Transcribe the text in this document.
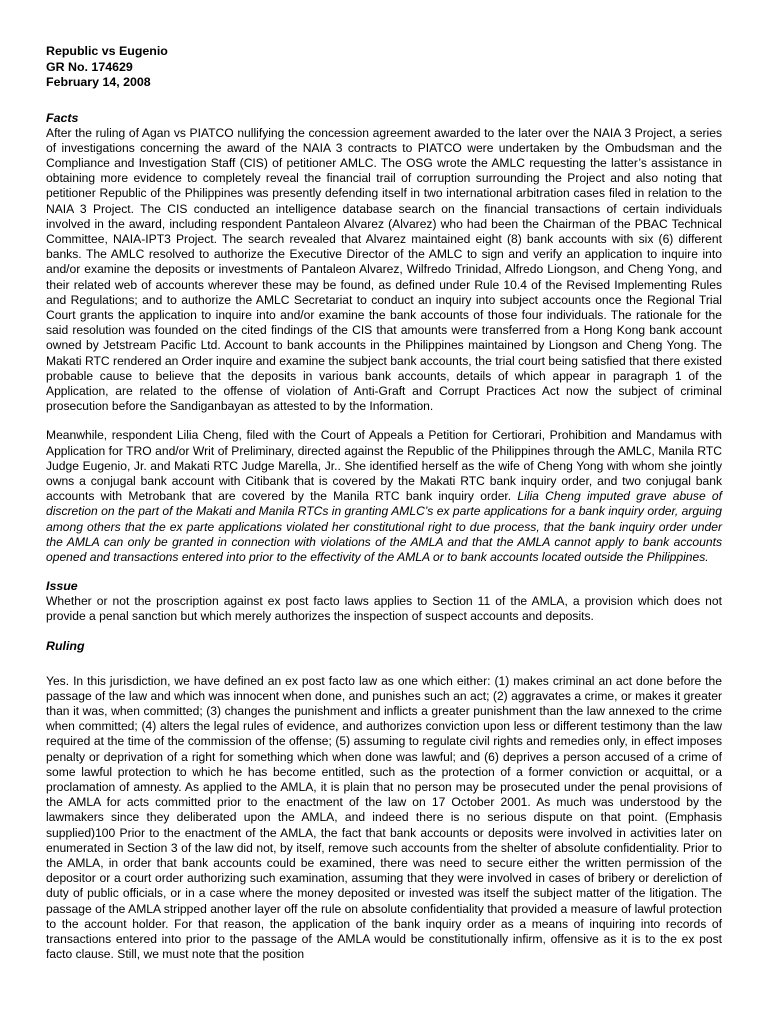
Republic vs Eugenio
GR No. 174629
February 14, 2008
Facts

After the ruling of Agan vs PIATCO nullifying the concession agreement awarded to the later over the NAIA 3 Project, a series of investigations concerning the award of the NAIA 3 contracts to PIATCO were undertaken by the Ombudsman and the Compliance and Investigation Staff (CIS) of petitioner AMLC. The OSG wrote the AMLC requesting the latter’s assistance in obtaining more evidence to completely reveal the financial trail of corruption surrounding the Project and also noting that petitioner Republic of the Philippines was presently defending itself in two international arbitration cases filed in relation to the NAIA 3 Project. The CIS conducted an intelligence database search on the financial transactions of certain individuals involved in the award, including respondent Pantaleon Alvarez (Alvarez) who had been the Chairman of the PBAC Technical Committee, NAIA-IPT3 Project. The search revealed that Alvarez maintained eight (8) bank accounts with six (6) different banks. The AMLC resolved to authorize the Executive Director of the AMLC to sign and verify an application to inquire into and/or examine the deposits or investments of Pantaleon Alvarez, Wilfredo Trinidad, Alfredo Liongson, and Cheng Yong, and their related web of accounts wherever these may be found, as defined under Rule 10.4 of the Revised Implementing Rules and Regulations; and to authorize the AMLC Secretariat to conduct an inquiry into subject accounts once the Regional Trial Court grants the application to inquire into and/or examine the bank accounts of those four individuals. The rationale for the said resolution was founded on the cited findings of the CIS that amounts were transferred from a Hong Kong bank account owned by Jetstream Pacific Ltd. Account to bank accounts in the Philippines maintained by Liongson and Cheng Yong. The Makati RTC rendered an Order inquire and examine the subject bank accounts, the trial court being satisfied that there existed probable cause to believe that the deposits in various bank accounts, details of which appear in paragraph 1 of the Application, are related to the offense of violation of Anti-Graft and Corrupt Practices Act now the subject of criminal prosecution before the Sandiganbayan as attested to by the Information.

Meanwhile, respondent Lilia Cheng, filed with the Court of Appeals a Petition for Certiorari, Prohibition and Mandamus with Application for TRO and/or Writ of Preliminary, directed against the Republic of the Philippines through the AMLC, Manila RTC Judge Eugenio, Jr. and Makati RTC Judge Marella, Jr.. She identified herself as the wife of Cheng Yong with whom she jointly owns a conjugal bank account with Citibank that is covered by the Makati RTC bank inquiry order, and two conjugal bank accounts with Metrobank that are covered by the Manila RTC bank inquiry order. Lilia Cheng imputed grave abuse of discretion on the part of the Makati and Manila RTCs in granting AMLC’s ex parte applications for a bank inquiry order, arguing among others that the ex parte applications violated her constitutional right to due process, that the bank inquiry order under the AMLA can only be granted in connection with violations of the AMLA and that the AMLA cannot apply to bank accounts opened and transactions entered into prior to the effectivity of the AMLA or to bank accounts located outside the Philippines.

Issue

Whether or not the proscription against ex post facto laws applies to Section 11 of the AMLA, a provision which does not provide a penal sanction but which merely authorizes the inspection of suspect accounts and deposits.

Ruling

Yes. In this jurisdiction, we have defined an ex post facto law as one which either: (1) makes criminal an act done before the passage of the law and which was innocent when done, and punishes such an act; (2) aggravates a crime, or makes it greater than it was, when committed; (3) changes the punishment and inflicts a greater punishment than the law annexed to the crime when committed; (4) alters the legal rules of evidence, and authorizes conviction upon less or different testimony than the law required at the time of the commission of the offense; (5) assuming to regulate civil rights and remedies only, in effect imposes penalty or deprivation of a right for something which when done was lawful; and (6) deprives a person accused of a crime of some lawful protection to which he has become entitled, such as the protection of a former conviction or acquittal, or a proclamation of amnesty. As applied to the AMLA, it is plain that no person may be prosecuted under the penal provisions of the AMLA for acts committed prior to the enactment of the law on 17 October 2001. As much was understood by the lawmakers since they deliberated upon the AMLA, and indeed there is no serious dispute on that point. (Emphasis supplied)100 Prior to the enactment of the AMLA, the fact that bank accounts or deposits were involved in activities later on enumerated in Section 3 of the law did not, by itself, remove such accounts from the shelter of absolute confidentiality. Prior to the AMLA, in order that bank accounts could be examined, there was need to secure either the written permission of the depositor or a court order authorizing such examination, assuming that they were involved in cases of bribery or dereliction of duty of public officials, or in a case where the money deposited or invested was itself the subject matter of the litigation. The passage of the AMLA stripped another layer off the rule on absolute confidentiality that provided a measure of lawful protection to the account holder. For that reason, the application of the bank inquiry order as a means of inquiring into records of transactions entered into prior to the passage of the AMLA would be constitutionally infirm, offensive as it is to the ex post facto clause. Still, we must note that the position
